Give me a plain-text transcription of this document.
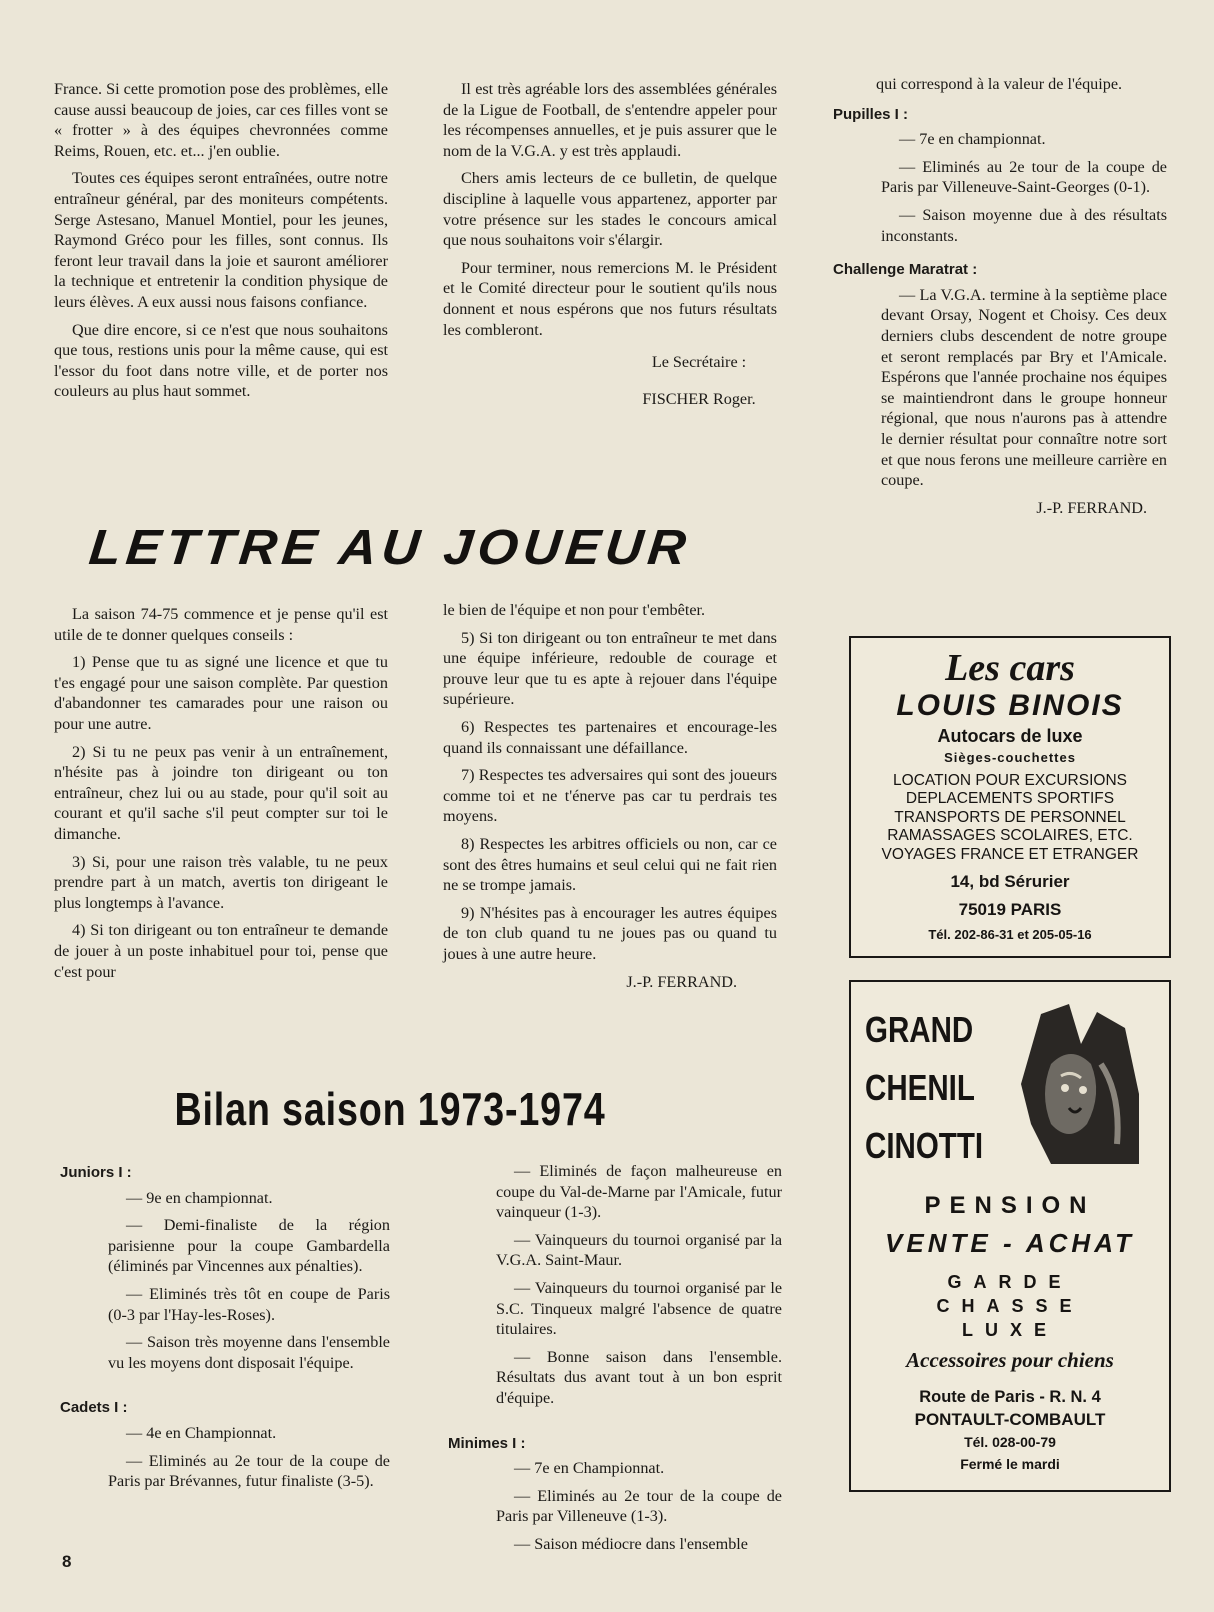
France. Si cette promotion pose des problèmes, elle cause aussi beaucoup de joies, car ces filles vont se « frotter » à des équipes chevronnées comme Reims, Rouen, etc. et... j'en oublie.

Toutes ces équipes seront entraînées, outre notre entraîneur général, par des moniteurs compétents. Serge Astesano, Manuel Montiel, pour les jeunes, Raymond Gréco pour les filles, sont connus. Ils feront leur travail dans la joie et sauront améliorer la technique et entretenir la condition physique de leurs élèves. A eux aussi nous faisons confiance.

Que dire encore, si ce n'est que nous souhaitons que tous, restions unis pour la même cause, qui est l'essor du foot dans notre ville, et de porter nos couleurs au plus haut sommet.

Il est très agréable lors des assemblées générales de la Ligue de Football, de s'entendre appeler pour les récompenses annuelles, et je puis assurer que le nom de la V.G.A. y est très applaudi.

Chers amis lecteurs de ce bulletin, de quelque discipline à laquelle vous appartenez, apporter par votre présence sur les stades le concours amical que nous souhaitons voir s'élargir.

Pour terminer, nous remercions M. le Président et le Comité directeur pour le soutient qu'ils nous donnent et nous espérons que nos futurs résultats les combleront.

Le Secrétaire :

FISCHER Roger.

qui correspond à la valeur de l'équipe.

Pupilles I :

— 7e en championnat.

— Eliminés au 2e tour de la coupe de Paris par Villeneuve-Saint-Georges (0-1).

— Saison moyenne due à des résultats inconstants.

Challenge Maratrat :

— La V.G.A. termine à la septième place devant Orsay, Nogent et Choisy. Ces deux derniers clubs descendent de notre groupe et seront remplacés par Bry et l'Amicale. Espérons que l'année prochaine nos équipes se maintiendront dans le groupe honneur régional, que nous n'aurons pas à attendre le dernier résultat pour connaître notre sort et que nous ferons une meilleure carrière en coupe.

J.-P. FERRAND.

LETTRE AU JOUEUR

La saison 74-75 commence et je pense qu'il est utile de te donner quelques conseils :

1) Pense que tu as signé une licence et que tu t'es engagé pour une saison complète. Par question d'abandonner tes camarades pour une raison ou pour une autre.

2) Si tu ne peux pas venir à un entraînement, n'hésite pas à joindre ton dirigeant ou ton entraîneur, chez lui ou au stade, pour qu'il soit au courant et qu'il sache s'il peut compter sur toi le dimanche.

3) Si, pour une raison très valable, tu ne peux prendre part à un match, avertis ton dirigeant le plus longtemps à l'avance.

4) Si ton dirigeant ou ton entraîneur te demande de jouer à un poste inhabituel pour toi, pense que c'est pour

le bien de l'équipe et non pour t'embêter.

5) Si ton dirigeant ou ton entraîneur te met dans une équipe inférieure, redouble de courage et prouve leur que tu es apte à rejouer dans l'équipe supérieure.

6) Respectes tes partenaires et encourage-les quand ils connaissant une défaillance.

7) Respectes tes adversaires qui sont des joueurs comme toi et ne t'énerve pas car tu perdrais tes moyens.

8) Respectes les arbitres officiels ou non, car ce sont des êtres humains et seul celui qui ne fait rien ne se trompe jamais.

9) N'hésites pas à encourager les autres équipes de ton club quand tu ne joues pas ou quand tu joues à une autre heure.

J.-P. FERRAND.

Bilan saison 1973-1974
Juniors I :

— 9e en championnat.

— Demi-finaliste de la région parisienne pour la coupe Gambardella (éliminés par Vincennes aux pénalties).

— Eliminés très tôt en coupe de Paris (0-3 par l'Hay-les-Roses).

— Saison très moyenne dans l'ensemble vu les moyens dont disposait l'équipe.

Cadets I :

— 4e en Championnat.

— Eliminés au 2e tour de la coupe de Paris par Brévannes, futur finaliste (3-5).

— Eliminés de façon malheureuse en coupe du Val-de-Marne par l'Amicale, futur vainqueur (1-3).

— Vainqueurs du tournoi organisé par la V.G.A. Saint-Maur.

— Vainqueurs du tournoi organisé par le S.C. Tinqueux malgré l'absence de quatre titulaires.

— Bonne saison dans l'ensemble. Résultats dus avant tout à un bon esprit d'équipe.

Minimes I :

— 7e en Championnat.

— Eliminés au 2e tour de la coupe de Paris par Villeneuve (1-3).

— Saison médiocre dans l'ensemble

Les cars
LOUIS BINOIS
Autocars de luxe
Sièges-couchettes
LOCATION POUR EXCURSIONS
DEPLACEMENTS SPORTIFS
TRANSPORTS DE PERSONNEL
RAMASSAGES SCOLAIRES, ETC.
VOYAGES FRANCE ET ETRANGER
14, bd Sérurier
75019 PARIS
Tél. 202-86-31 et 205-05-16
GRAND
CHENIL
CINOTTI
PENSION
VENTE - ACHAT
GARDE
CHASSE
LUXE
Accessoires pour chiens
Route de Paris - R. N. 4
PONTAULT-COMBAULT
Tél. 028-00-79
Fermé le mardi
8
